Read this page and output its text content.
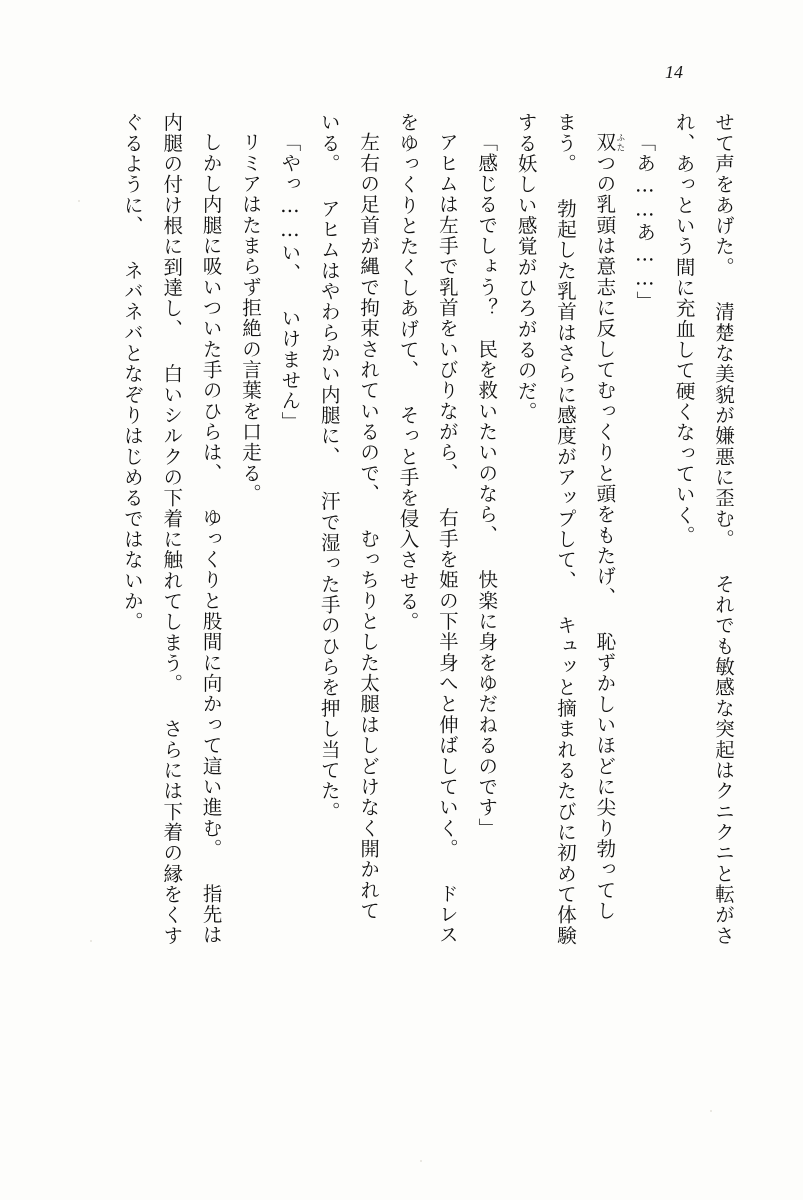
14

せて声をあげた。 清楚な美貌が嫌悪に歪む。 それでも敏感な突起はクニクニと転がさ

れ、あっという間に充血して硬くなっていく。

「あ……あ……」

双ふたつの乳頭は意志に反してむっくりと頭をもたげ、 恥ずかしいほどに尖り勃ってし

まう。 勃起した乳首はさらに感度がアップして、 キュッと摘まれるたびに初めて体験

する妖しい感覚がひろがるのだ。

「感じるでしょう？　民を救いたいのなら、 快楽に身をゆだねるのです」

アヒムは左手で乳首をいびりながら、 右手を姫の下半身へと伸ばしていく。 ドレス

をゆっくりとたくしあげて、 そっと手を侵入させる。

左右の足首が縄で拘束されているので、 むっちりとした太腿はしどけなく開かれて

いる。 アヒムはやわらかい内腿に、 汗で湿った手のひらを押し当てた。

「やっ……い、 いけません」

リミアはたまらず拒絶の言葉を口走る。

しかし内腿に吸いついた手のひらは、 ゆっくりと股間に向かって這い進む。 指先は

内腿の付け根に到達し、 白いシルクの下着に触れてしまう。 さらには下着の縁をくす

ぐるように、 ネバネバとなぞりはじめるではないか。
